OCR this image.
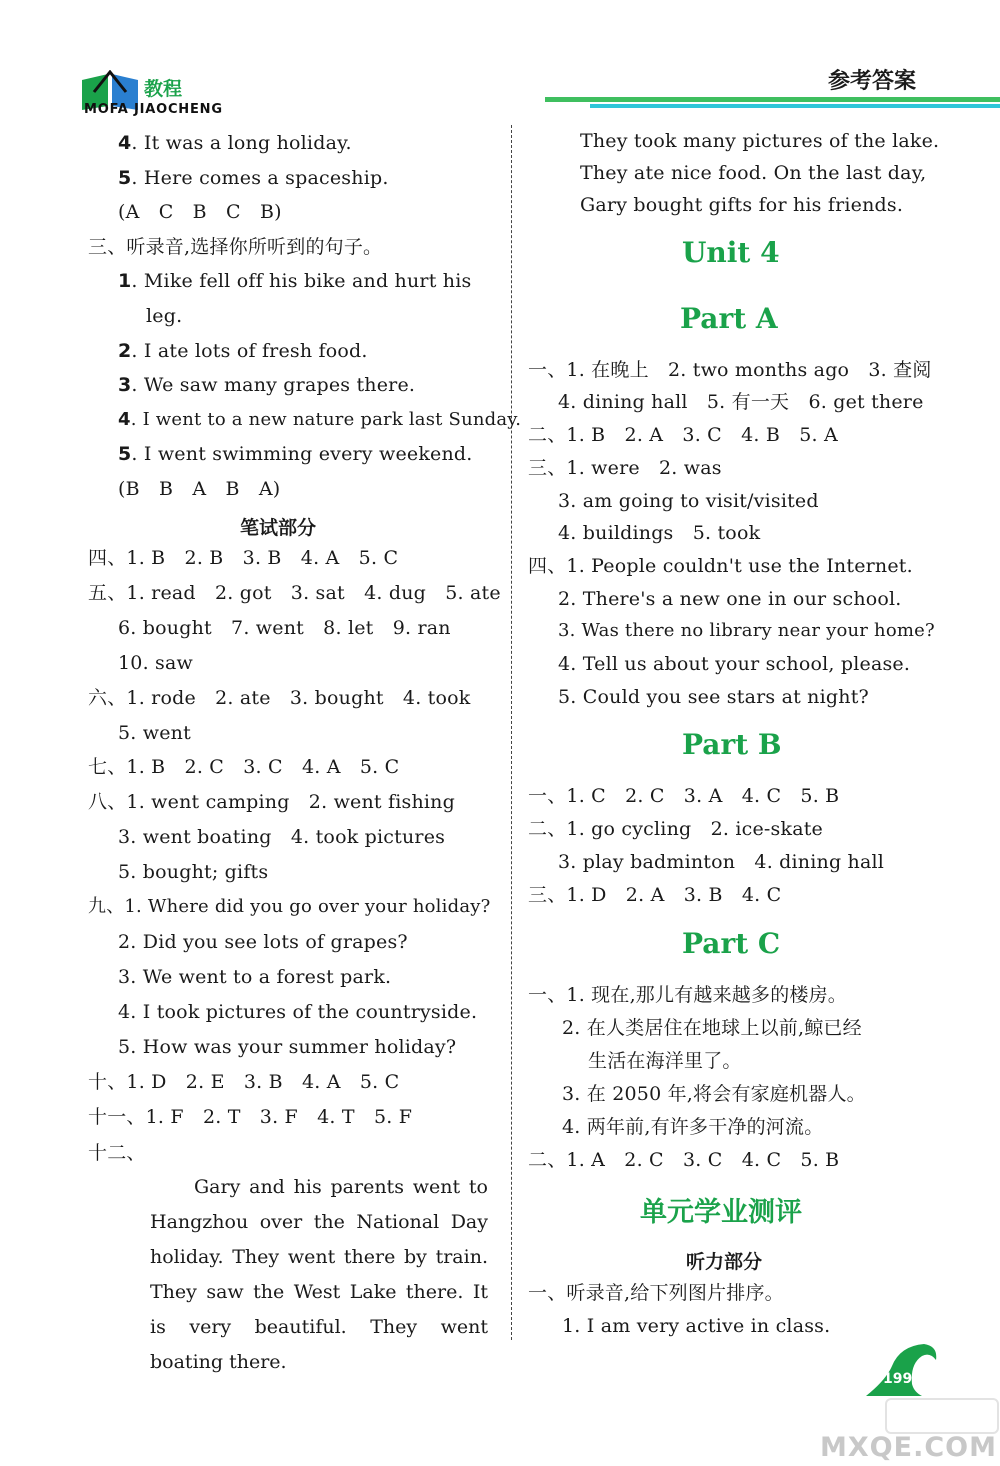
教程
MOFA JIAOCHENG
参考答案
4. It was a long holiday.
5. Here comes a spaceship.
(A　C　B　C　B)
三、听录音,选择你所听到的句子。
1. Mike fell off his bike and hurt his
leg.
2. I ate lots of fresh food.
3. We saw many grapes there.
4. I went to a new nature park last Sunday.
5. I went swimming every weekend.
(B　B　A　B　A)
笔试部分
四、1. B　2. B　3. B　4. A　5. C
五、1. read　2. got　3. sat　4. dug　5. ate
6. bought　7. went　8. let　9. ran
10. saw
六、1. rode　2. ate　3. bought　4. took
5. went
七、1. B　2. C　3. C　4. A　5. C
八、1. went camping　2. went fishing
3. went boating　4. took pictures
5. bought; gifts
九、1. Where did you go over your holiday?
2. Did you see lots of grapes?
3. We went to a forest park.
4. I took pictures of the countryside.
5. How was your summer holiday?
十、1. D　2. E　3. B　4. A　5. C
十一、1. F　2. T　3. F　4. T　5. F
十二、
Gary and his parents went to Hangzhou over the National Day holiday. They went there by train. They saw the West Lake there. It is very beautiful. They went boating there.
They took many pictures of the lake.
They ate nice food. On the last day,
Gary bought gifts for his friends.
Unit 4
Part A
一、1. 在晚上　2. two months ago　3. 查阅
4. dining hall　5. 有一天　6. get there
二、1. B　2. A　3. C　4. B　5. A
三、1. were　2. was
3. am going to visit/visited
4. buildings　5. took
四、1. People couldn't use the Internet.
2. There's a new one in our school.
3. Was there no library near your home?
4. Tell us about your school, please.
5. Could you see stars at night?
Part B
一、1. C　2. C　3. A　4. C　5. B
二、1. go cycling　2. ice-skate
3. play badminton　4. dining hall
三、1. D　2. A　3. B　4. C
Part C
一、1. 现在,那儿有越来越多的楼房。
2. 在人类居住在地球上以前,鲸已经
生活在海洋里了。
3. 在 2050 年,将会有家庭机器人。
4. 两年前,有许多干净的河流。
二、1. A　2. C　3. C　4. C　5. B
单元学业测评
听力部分
一、听录音,给下列图片排序。
1. I am very active in class.
199
MXQE.COM
